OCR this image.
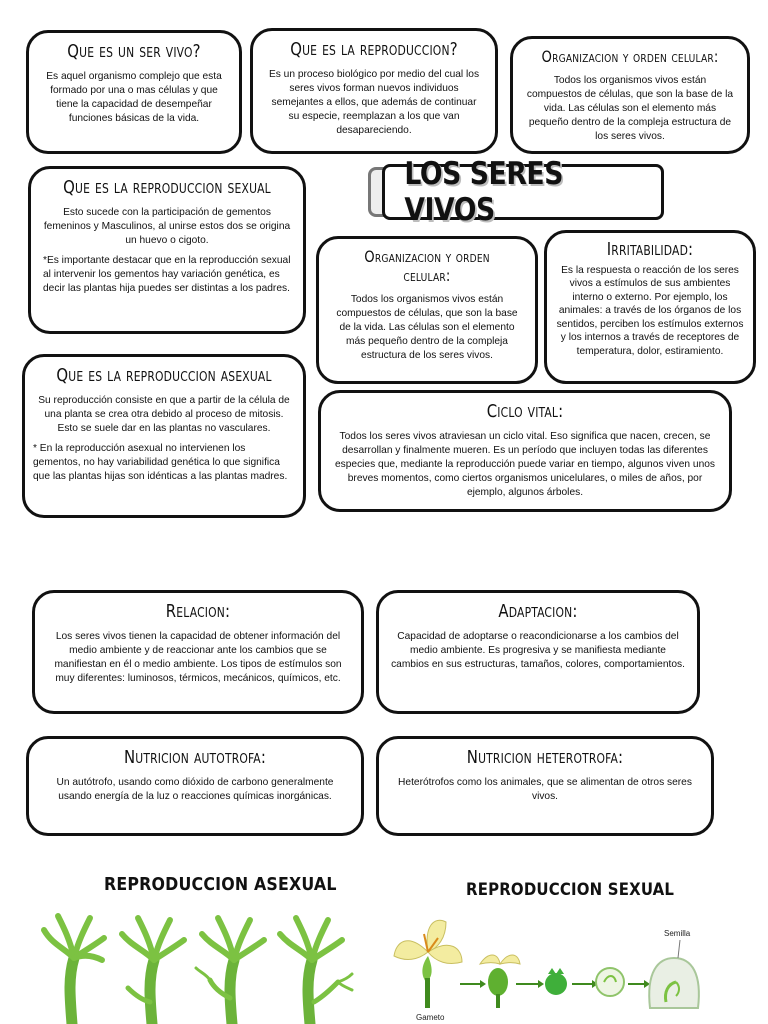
Que es un ser vivo?

Es aquel organismo complejo que esta formado por una o mas células y que tiene la capacidad de desempeñar funciones básicas de la vida.

Que es la reproduccion?

Es un proceso biológico por medio del cual los seres vivos forman nuevos individuos semejantes a ellos, que además de continuar su especie, reemplazan a los que van desapareciendo.

Organizacion y orden celular:

Todos los organismos vivos están compuestos de células, que son la base de la vida. Las células son el elemento más pequeño dentro de la compleja estructura de los seres vivos.

LOS SERES VIVOS
Que es la reproduccion sexual

Esto sucede con la participación de gementos femeninos y Masculinos, al unirse estos dos se origina un huevo o cigoto.

*Es importante destacar que en la reproducción sexual al intervenir los gementos hay variación genética, es decir las plantas hija puedes ser distintas a los padres.

Organizacion y orden celular:

Todos los organismos vivos están compuestos de células, que son la base de la vida. Las células son el elemento más pequeño dentro de la compleja estructura de los seres vivos.

Irritabilidad:

Es la respuesta o reacción de los seres vivos a estímulos de sus ambientes interno o externo. Por ejemplo, los animales: a través de los órganos de los sentidos, perciben los estímulos externos y los internos a través de receptores de temperatura, dolor, estiramiento.

Que es la reproduccion asexual

Su reproducción consiste en que a partir de la célula de una planta se crea otra debido al proceso de mitosis. Esto se suele dar en las plantas no vasculares.

* En la reproducción asexual no intervienen los gementos, no hay variabilidad genética lo que significa que las plantas hijas son idénticas a las plantas madres.

Ciclo vital:

Todos los seres vivos atraviesan un ciclo vital. Eso significa que nacen, crecen, se desarrollan y finalmente mueren. Es un período que incluyen todas las diferentes especies que, mediante la reproducción puede variar en tiempo, algunos viven unos breves momentos, como ciertos organismos unicelulares, o miles de años, por ejemplo, algunos árboles.

Relacion:

Los seres vivos tienen la capacidad de obtener información del medio ambiente y de reaccionar ante los cambios que se manifiestan en él o medio ambiente. Los tipos de estímulos son muy diferentes: luminosos, térmicos, mecánicos, químicos, etc.

Adaptacion:

Capacidad de adoptarse o reacondicionarse a los cambios del medio ambiente. Es progresiva y se manifiesta mediante cambios en sus estructuras, tamaños, colores, comportamientos.

Nutricion autotrofa:

Un autótrofo, usando como dióxido de carbono generalmente usando energía de la luz o reacciones químicas inorgánicas.

Nutricion heterotrofa:

Heterótrofos como los animales, que se alimentan de otros seres vivos.

REPRODUCCION ASEXUAL	REPRODUCCION SEXUAL
Gameto
Semilla
